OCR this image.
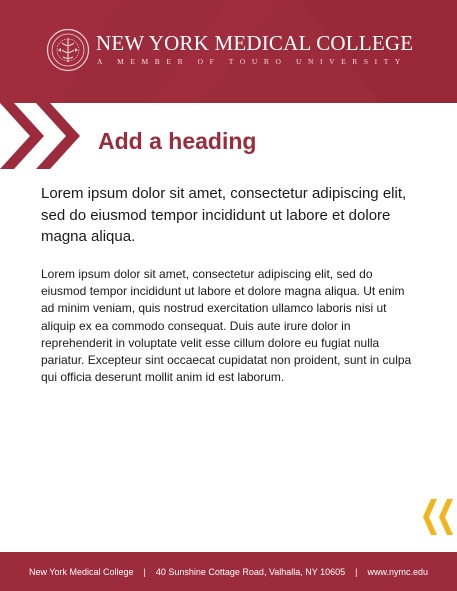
NEW YORK MEDICAL COLLEGE
A MEMBER OF TOURO UNIVERSITY
Add a heading

Lorem ipsum dolor sit amet, consectetur adipiscing elit, sed do eiusmod tempor incididunt ut labore et dolore magna aliqua.

Lorem ipsum dolor sit amet, consectetur adipiscing elit, sed do eiusmod tempor incididunt ut labore et dolore magna aliqua. Ut enim ad minim veniam, quis nostrud exercitation ullamco laboris nisi ut aliquip ex ea commodo consequat. Duis aute irure dolor in reprehenderit in voluptate velit esse cillum dolore eu fugiat nulla pariatur. Excepteur sint occaecat cupidatat non proident, sunt in culpa qui officia deserunt mollit anim id est laborum.

New York Medical College | 40 Sunshine Cottage Road, Valhalla, NY 10605 | www.nymc.edu
